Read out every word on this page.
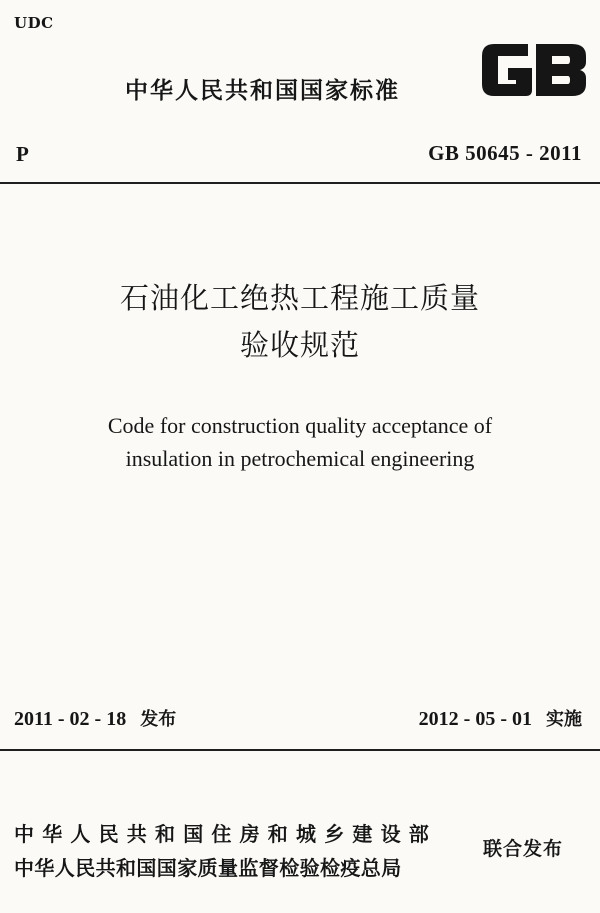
UDC
中华人民共和国国家标准
P	GB 50645 - 2011
石油化工绝热工程施工质量
验收规范
Code for construction quality acceptance of
insulation in petrochemical engineering
2011 - 02 - 18 发布	2012 - 05 - 01 实施
中华人民共和国住房和城乡建设部
中华人民共和国国家质量监督检验检疫总局
联合发布
